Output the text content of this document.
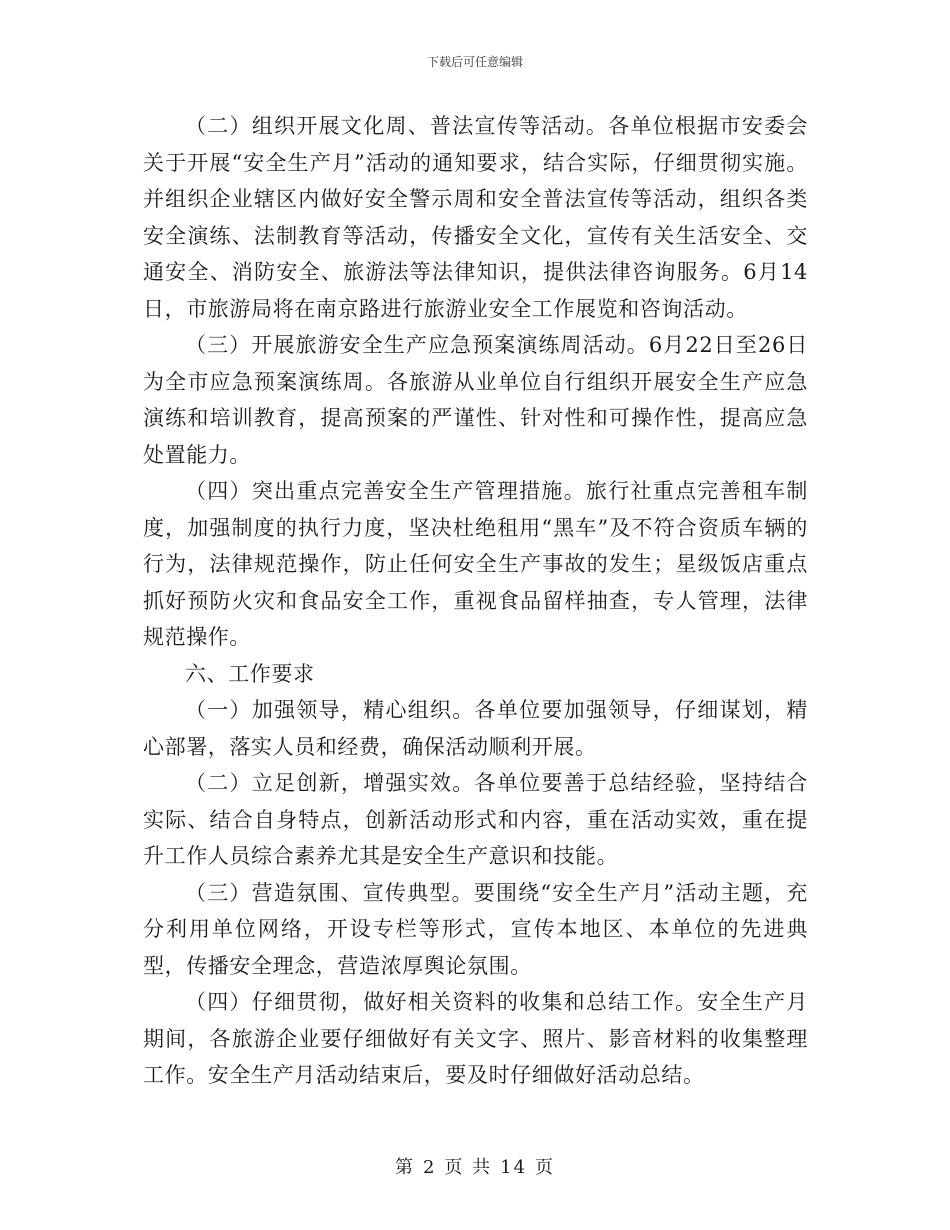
下载后可任意编辑

（二）组织开展文化周、普法宣传等活动。各单位根据市安委会关于开展“安全生产月”活动的通知要求，结合实际，仔细贯彻实施。并组织企业辖区内做好安全警示周和安全普法宣传等活动，组织各类安全演练、法制教育等活动，传播安全文化，宣传有关生活安全、交通安全、消防安全、旅游法等法律知识，提供法律咨询服务。6月14日，市旅游局将在南京路进行旅游业安全工作展览和咨询活动。

（三）开展旅游安全生产应急预案演练周活动。6月22日至26日为全市应急预案演练周。各旅游从业单位自行组织开展安全生产应急演练和培训教育，提高预案的严谨性、针对性和可操作性，提高应急处置能力。

（四）突出重点完善安全生产管理措施。旅行社重点完善租车制度，加强制度的执行力度，坚决杜绝租用“黑车”及不符合资质车辆的行为，法律规范操作，防止任何安全生产事故的发生；星级饭店重点抓好预防火灾和食品安全工作，重视食品留样抽查，专人管理，法律规范操作。

六、工作要求

（一）加强领导，精心组织。各单位要加强领导，仔细谋划，精心部署，落实人员和经费，确保活动顺利开展。

（二）立足创新，增强实效。各单位要善于总结经验，坚持结合实际、结合自身特点，创新活动形式和内容，重在活动实效，重在提升工作人员综合素养尤其是安全生产意识和技能。

（三）营造氛围、宣传典型。要围绕“安全生产月”活动主题，充分利用单位网络，开设专栏等形式，宣传本地区、本单位的先进典型，传播安全理念，营造浓厚舆论氛围。

（四）仔细贯彻，做好相关资料的收集和总结工作。安全生产月期间，各旅游企业要仔细做好有关文字、照片、影音材料的收集整理工作。安全生产月活动结束后，要及时仔细做好活动总结。

第 2 页 共 14 页
